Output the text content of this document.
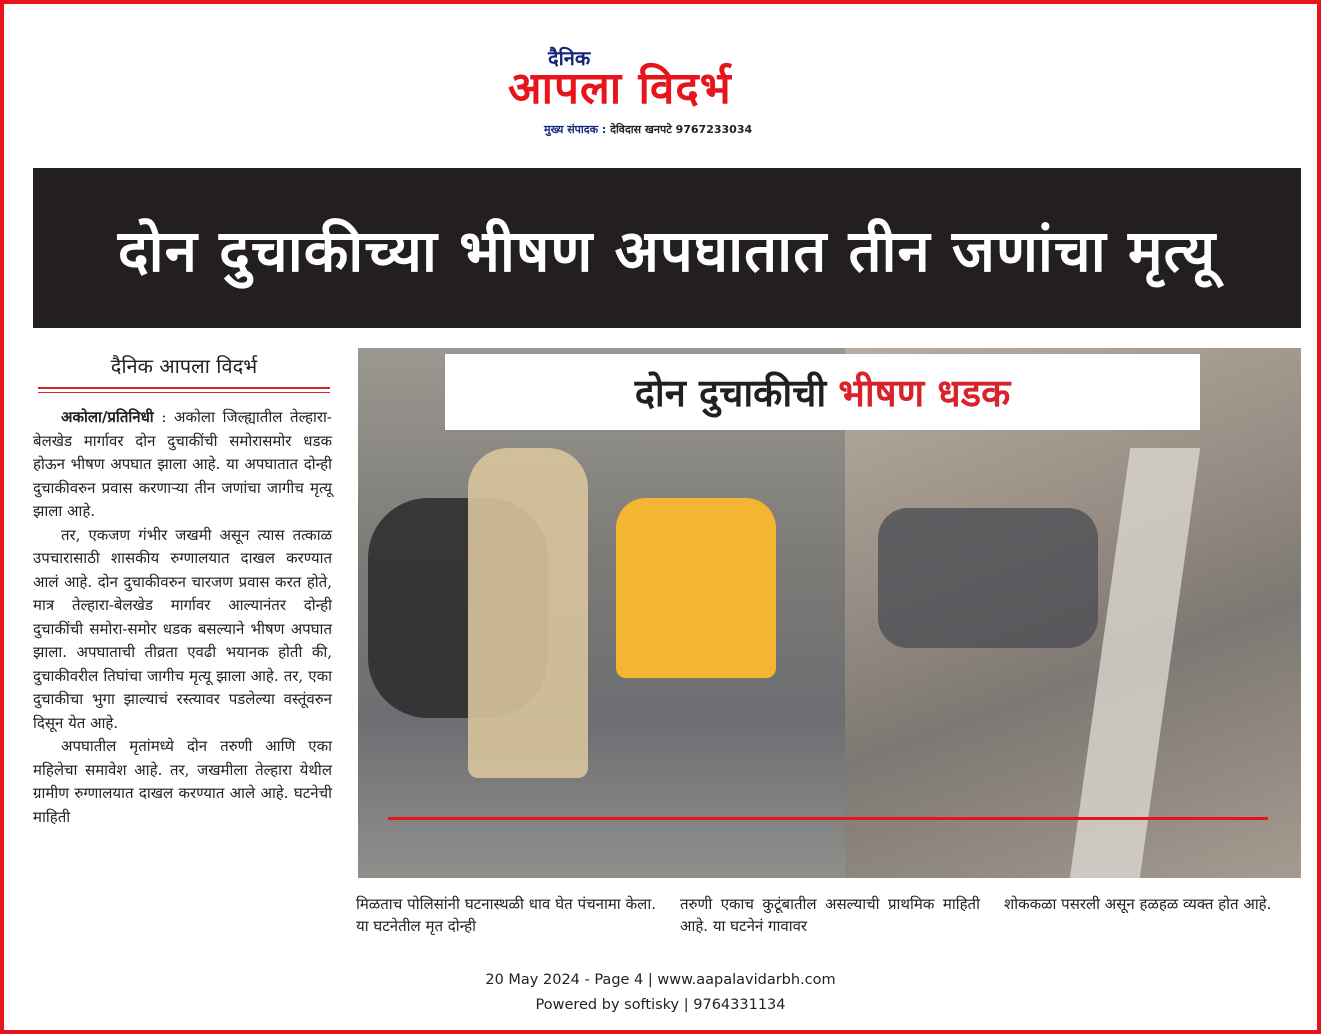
दैनिक
आपला विदर्भ
मुख्य संपादक : देविदास खनपटे 9767233034
दोन दुचाकीच्या भीषण अपघातात तीन जणांचा मृत्यू
दैनिक आपला विदर्भ

अकोला/प्रतिनिधी : अकोला जिल्ह्यातील तेल्हारा-बेलखेड मार्गावर दोन दुचाकींची समोरासमोर धडक होऊन भीषण अपघात झाला आहे. या अपघातात दोन्ही दुचाकीवरुन प्रवास करणाऱ्या तीन जणांचा जागीच मृत्यू झाला आहे.

तर, एकजण गंभीर जखमी असून त्यास तत्काळ उपचारासाठी शासकीय रुग्णालयात दाखल करण्यात आलं आहे. दोन दुचाकीवरुन चारजण प्रवास करत होते, मात्र तेल्हारा-बेलखेड मार्गावर आल्यानंतर दोन्ही दुचाकींची समोरा-समोर धडक बसल्याने भीषण अपघात झाला. अपघाताची तीव्रता एवढी भयानक होती की, दुचाकीवरील तिघांचा जागीच मृत्यू झाला आहे. तर, एका दुचाकीचा भुगा झाल्याचं रस्त्यावर पडलेल्या वस्तूंवरुन दिसून येत आहे.

अपघातील मृतांमध्ये दोन तरुणी आणि एका महिलेचा समावेश आहे. तर, जखमीला तेल्हारा येथील ग्रामीण रुग्णालयात दाखल करण्यात आले आहे. घटनेची माहिती

दोन दुचाकीची भीषण धडक
मिळताच पोलिसांनी घटनास्थळी धाव घेत पंचनामा केला. या घटनेतील मृत दोन्ही
तरुणी एकाच कुटूंबातील असल्याची प्राथमिक माहिती आहे. या घटनेनं गावावर
शोककळा पसरली असून हळहळ व्यक्त होत आहे.
20 May 2024 - Page 4 | www.aapalavidarbh.com
Powered by softisky | 9764331134
